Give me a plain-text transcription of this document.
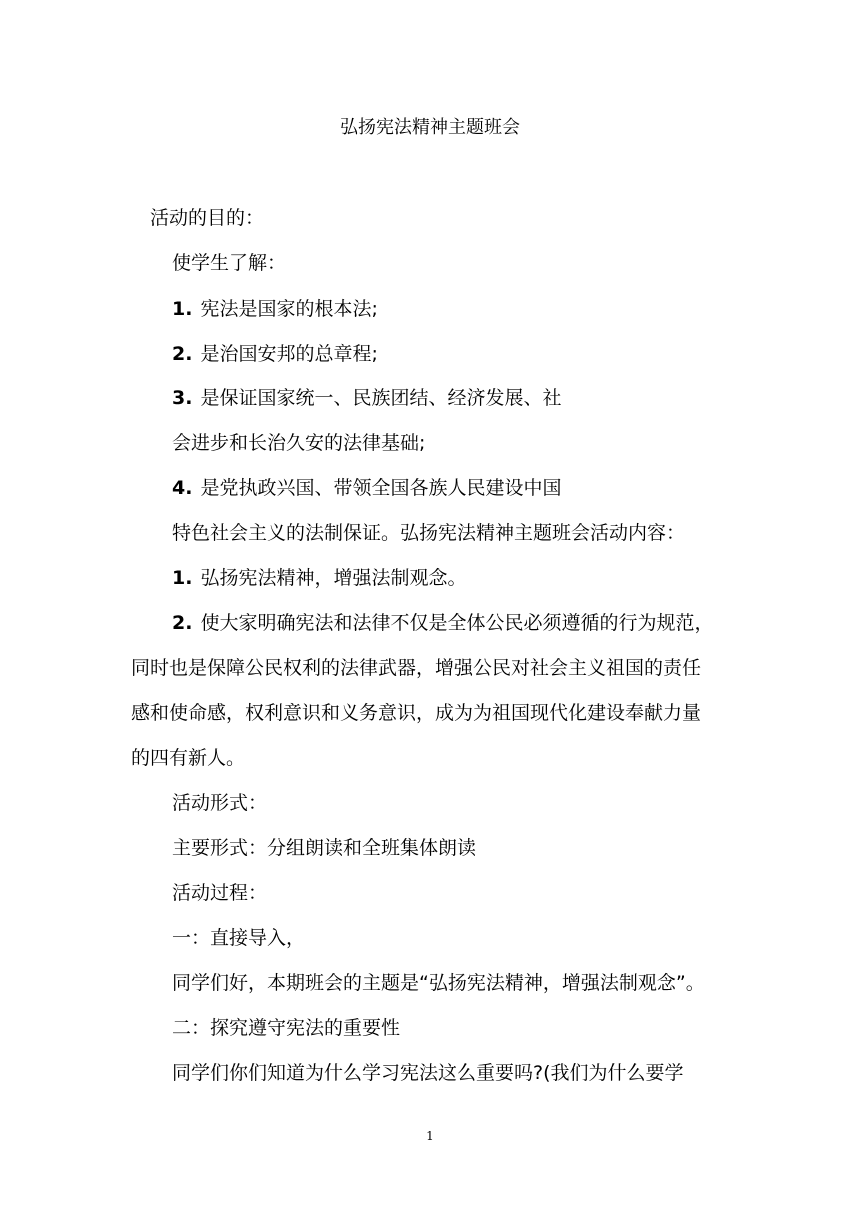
弘扬宪法精神主题班会

活动的目的：

使学生了解：

1. 宪法是国家的根本法;

2. 是治国安邦的总章程;

3. 是保证国家统一、民族团结、经济发展、社

会进步和长治久安的法律基础;

4. 是党执政兴国、带领全国各族人民建设中国

特色社会主义的法制保证。弘扬宪法精神主题班会活动内容：

1. 弘扬宪法精神，增强法制观念。

2. 使大家明确宪法和法律不仅是全体公民必须遵循的行为规范，

同时也是保障公民权利的法律武器，增强公民对社会主义祖国的责任

感和使命感，权利意识和义务意识，成为为祖国现代化建设奉献力量

的四有新人。

活动形式：

主要形式：分组朗读和全班集体朗读

活动过程：

一：直接导入，

同学们好，本期班会的主题是“弘扬宪法精神，增强法制观念”。

二：探究遵守宪法的重要性

同学们你们知道为什么学习宪法这么重要吗?(我们为什么要学

1
